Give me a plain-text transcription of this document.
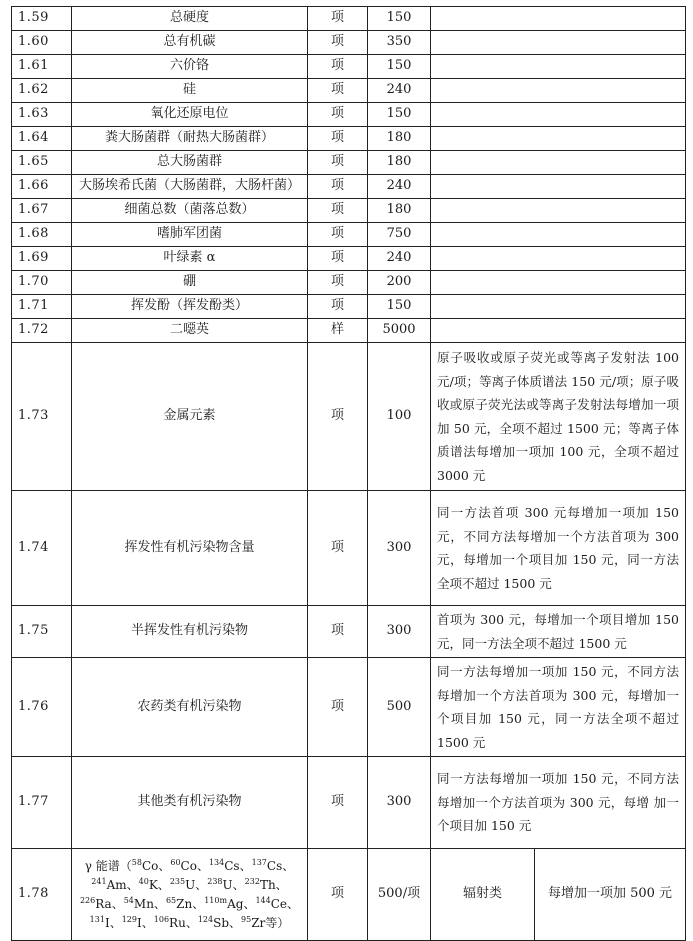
1.59	总硬度	项	150	
1.60	总有机碳	项	350	
1.61	六价铬	项	150	
1.62	硅	项	240	
1.63	氧化还原电位	项	150	
1.64	粪大肠菌群（耐热大肠菌群）	项	180	
1.65	总大肠菌群	项	180	
1.66	大肠埃希氏菌（大肠菌群，大肠杆菌）	项	240	
1.67	细菌总数（菌落总数）	项	180	
1.68	嗜肺军团菌	项	750	
1.69	叶绿素 α	项	240	
1.70	硼	项	200	
1.71	挥发酚（挥发酚类）	项	150	
1.72	二噁英	样	5000	
1.73	金属元素	项	100	原子吸收或原子荧光或等离子发射法 100 元/项；等离子体质谱法 150 元/项；原子吸收或原子荧光法或等离子发射法每增加一项加 50 元，全项不超过 1500 元；等离子体质谱法每增加一项加 100 元，全项不超过 3000 元
1.74	挥发性有机污染物含量	项	300	同一方法首项 300 元每增加一项加 150 元，不同方法每增加一个方法首项为 300 元，每增加一个项目加 150 元，同一方法全项不超过 1500 元
1.75	半挥发性有机污染物	项	300	首项为 300 元，每增加一个项目增加 150 元，同一方法全项不超过 1500 元
1.76	农药类有机污染物	项	500	同一方法每增加一项加 150 元，不同方法每增加一个方法首项为 300 元，每增加一个项目加 150 元，同一方法全项不超过 1500 元
1.77	其他类有机污染物	项	300	同一方法每增加一项加 150 元，不同方法每增加一个方法首项为 300 元，每增 加一个项目加 150 元
1.78	γ 能谱（$^{58}$Co、$^{60}$Co、$^{134}$Cs、$^{137}$Cs、$^{241}$Am、$^{40}$K、$^{235}$U、$^{238}$U、$^{232}$Th、$^{226}$Ra、$^{54}$Mn、$^{65}$Zn、$^{110m}$Ag、$^{144}$Ce、$^{131}$I、$^{129}$I、$^{106}$Ru、$^{124}$Sb、$^{95}$Zr等）	项	500/项		辐射类	每增加一项加 500 元
